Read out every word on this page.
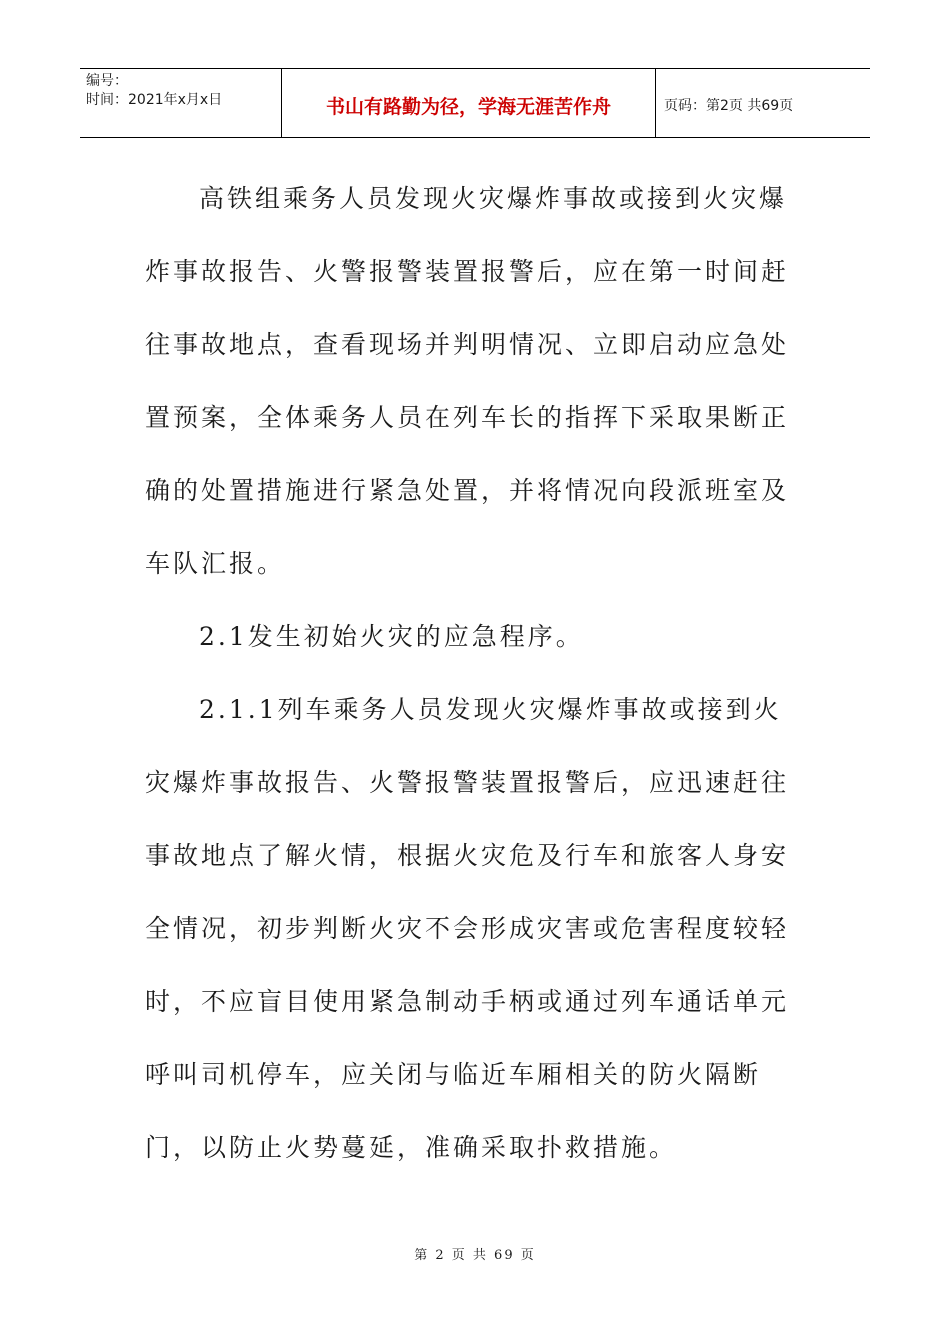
编号：
时间：2021年x月x日	书山有路勤为径，学海无涯苦作舟	页码：第2页 共69页

高铁组乘务人员发现火灾爆炸事故或接到火灾爆炸事故报告、火警报警装置报警后，应在第一时间赶往事故地点，查看现场并判明情况、立即启动应急处置预案，全体乘务人员在列车长的指挥下采取果断正确的处置措施进行紧急处置，并将情况向段派班室及车队汇报。

2.1发生初始火灾的应急程序。

2.1.1列车乘务人员发现火灾爆炸事故或接到火灾爆炸事故报告、火警报警装置报警后，应迅速赶往事故地点了解火情，根据火灾危及行车和旅客人身安全情况，初步判断火灾不会形成灾害或危害程度较轻时，不应盲目使用紧急制动手柄或通过列车通话单元呼叫司机停车，应关闭与临近车厢相关的防火隔断门，以防止火势蔓延，准确采取扑救措施。

第 2 页 共 69 页
